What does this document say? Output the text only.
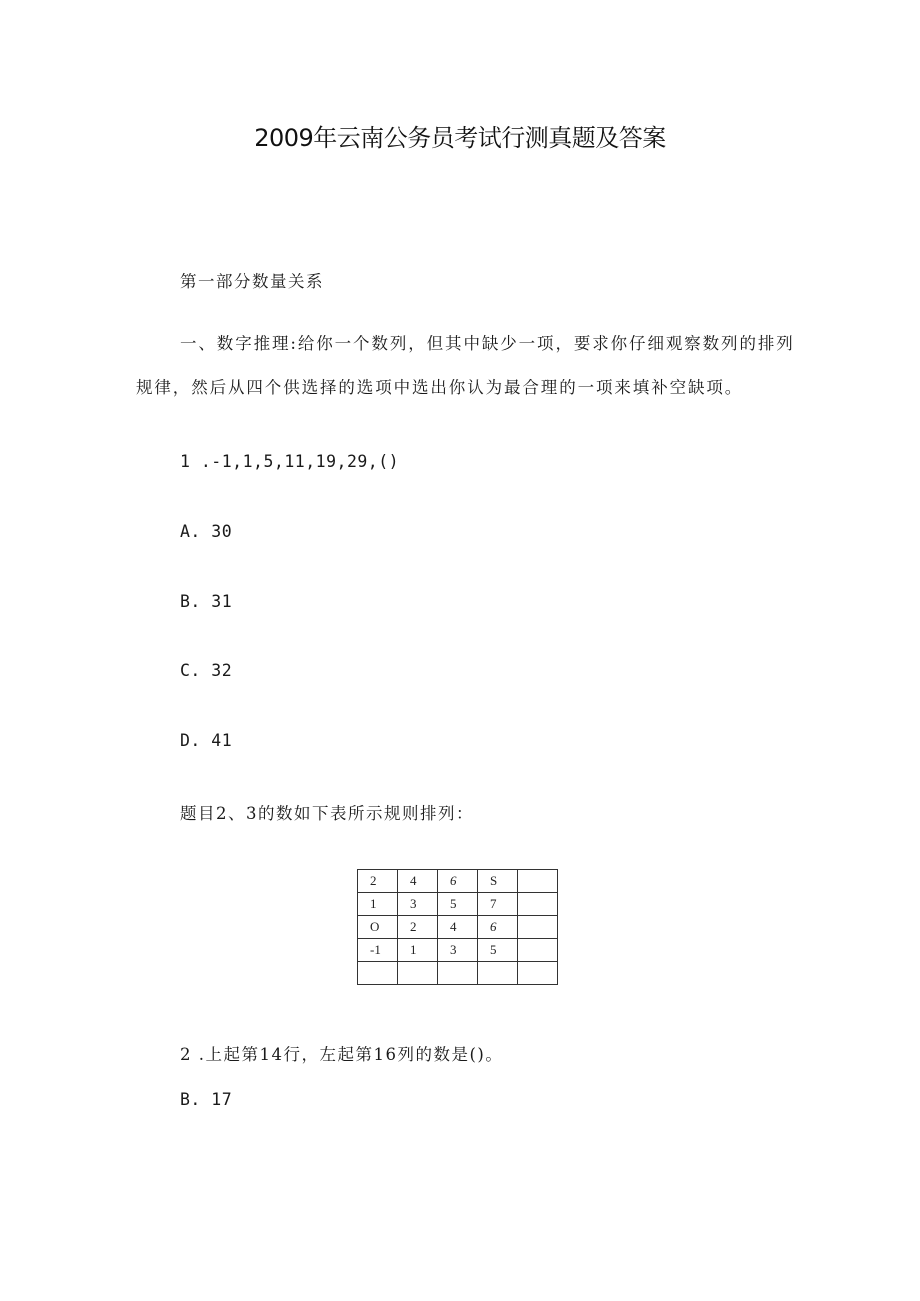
2009年云南公务员考试行测真题及答案
第一部分数量关系
一、数字推理:给你一个数列，但其中缺少一项，要求你仔细观察数列的排列规律，然后从四个供选择的选项中选出你认为最合理的一项来填补空缺项。
1 .-1,1,5,11,19,29,()
A. 30
B. 31
C. 32
D. 41
题目2、3的数如下表所示规则排列：
2	4	6	S	
1	3	5	7	
O	2	4	6	
-1	1	3	5	

2 .上起第14行，左起第16列的数是()。
B. 17
